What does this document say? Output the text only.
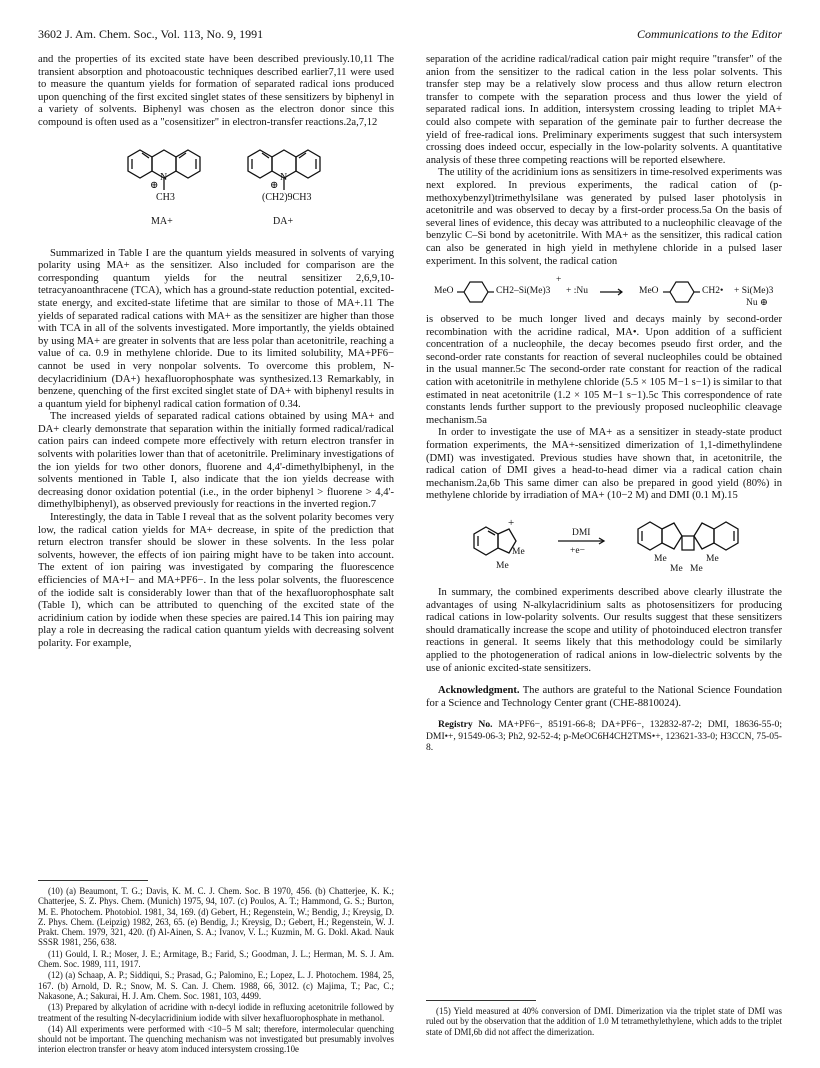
3602 J. Am. Chem. Soc., Vol. 113, No. 9, 1991	Communications to the Editor

and the properties of its excited state have been described previously.10,11 The transient absorption and photoacoustic techniques described earlier7,11 were used to measure the quantum yields for formation of separated radical ions produced upon quenching of the first excited singlet states of these sensitizers by biphenyl in a variety of solvents. Biphenyl was chosen as the electron donor since this compound is often used as a "cosensitizer" in electron-transfer reactions.2a,7,12

N
⊕
CH3
MA+
N
⊕
(CH2)9CH3
DA+

Summarized in Table I are the quantum yields measured in solvents of varying polarity using MA+ as the sensitizer. Also included for comparison are the corresponding quantum yields for the neutral sensitizer 2,6,9,10-tetracyanoanthracene (TCA), which has a ground-state reduction potential, excited-state energy, and excited-state lifetime that are similar to those of MA+.11 The yields of separated radical cations with MA+ as the sensitizer are higher than those with TCA in all of the solvents investigated. More importantly, the yields obtained by using MA+ are greater in solvents that are less polar than acetonitrile, reaching a value of ca. 0.9 in methylene chloride. Due to its limited solubility, MA+PF6− cannot be used in very nonpolar solvents. To overcome this problem, N-decylacridinium (DA+) hexafluorophosphate was synthesized.13 Remarkably, in benzene, quenching of the first excited singlet state of DA+ with biphenyl results in a quantum yield for biphenyl radical cation formation of 0.34.

The increased yields of separated radical cations obtained by using MA+ and DA+ clearly demonstrate that separation within the initially formed radical/radical cation pairs can indeed compete more effectively with return electron transfer in solvents with polarities lower than that of acetonitrile. Preliminary investigations of the ion yields for two other donors, fluorene and 4,4'-dimethylbiphenyl, in the solvents mentioned in Table I, also indicate that the ion yields decrease with decreasing donor oxidation potential (i.e., in the order biphenyl > fluorene > 4,4'-dimethylbiphenyl), as observed previously for reactions in the inverted region.7

Interestingly, the data in Table I reveal that as the solvent polarity becomes very low, the radical cation yields for MA+ decrease, in spite of the prediction that return electron transfer should be slower in these solvents. In the less polar solvents, however, the effects of ion pairing might have to be taken into account. The extent of ion pairing was investigated by comparing the fluorescence efficiencies of MA+I− and MA+PF6−. In the less polar solvents, the fluorescence of the iodide salt is considerably lower than that of the hexafluorophosphate salt (Table I), which can be attributed to quenching of the excited state of the acridinium cation by iodide when these species are paired.14 This ion pairing may play a role in decreasing the radical cation quantum yields with decreasing solvent polarity. For example,

(10) (a) Beaumont, T. G.; Davis, K. M. C. J. Chem. Soc. B 1970, 456. (b) Chatterjee, K. K.; Chatterjee, S. Z. Phys. Chem. (Munich) 1975, 94, 107. (c) Poulos, A. T.; Hammond, G. S.; Burton, M. E. Photochem. Photobiol. 1981, 34, 169. (d) Gebert, H.; Regenstein, W.; Bendig, J.; Kreysig, D. Z. Phys. Chem. (Leipzig) 1982, 263, 65. (e) Bendig, J.; Kreysig, D.; Gebert, H.; Regenstein, W. J. Prakt. Chem. 1979, 321, 420. (f) Al-Ainen, S. A.; Ivanov, V. L.; Kuzmin, M. G. Dokl. Akad. Nauk SSSR 1981, 256, 638.

(11) Gould, I. R.; Moser, J. E.; Armitage, B.; Farid, S.; Goodman, J. L.; Herman, M. S. J. Am. Chem. Soc. 1989, 111, 1917.

(12) (a) Schaap, A. P.; Siddiqui, S.; Prasad, G.; Palomino, E.; Lopez, L. J. Photochem. 1984, 25, 167. (b) Arnold, D. R.; Snow, M. S. Can. J. Chem. 1988, 66, 3012. (c) Majima, T.; Pac, C.; Nakasone, A.; Sakurai, H. J. Am. Chem. Soc. 1981, 103, 4499.

(13) Prepared by alkylation of acridine with n-decyl iodide in refluxing acetonitrile followed by treatment of the resulting N-decylacridinium iodide with silver hexafluorophosphate in methanol.

(14) All experiments were performed with <10−5 M salt; therefore, intermolecular quenching should not be important. The quenching mechanism was not investigated but presumably involves interion electron transfer or heavy atom induced intersystem crossing.10e

separation of the acridine radical/radical cation pair might require "transfer" of the anion from the sensitizer to the radical cation in the less polar solvents. This transfer step may be a relatively slow process and thus allow return electron transfer to compete with the separation process and thus lower the yield of separated radical ions. In addition, intersystem crossing leading to triplet MA+ could also compete with separation of the geminate pair to further decrease the yield of free-radical ions. Preliminary experiments suggest that such intersystem crossing does indeed occur, especially in the low-polarity solvents. A quantitative analysis of these three competing reactions will be reported elsewhere.

The utility of the acridinium ions as sensitizers in time-resolved experiments was next explored. In previous experiments, the radical cation of (p-methoxybenzyl)trimethylsilane was generated by pulsed laser photolysis in acetonitrile and was observed to decay by a first-order process.5a On the basis of several lines of evidence, this decay was attributed to a nucleophilic cleavage of the benzylic C–Si bond by acetonitrile. With MA+ as the sensitizer, this radical cation can also be generated in high yield in methylene chloride in a pulsed laser experiment. In this solvent, the radical cation

MeO	CH2–Si(Me)3
+
+ :Nu	MeO	CH2• + Si(Me)3
Nu ⊕

is observed to be much longer lived and decays mainly by second-order recombination with the acridine radical, MA•. Upon addition of a sufficient concentration of a nucleophile, the decay becomes pseudo first order, and the second-order rate constants for reaction of several nucleophiles could be obtained in the usual manner.5c The second-order rate constant for reaction of the radical cation with acetonitrile in methylene chloride (5.5 × 105 M−1 s−1) is similar to that estimated in neat acetonitrile (1.2 × 105 M−1 s−1).5c This correspondence of rate constants lends further support to the previously proposed nucleophilic cleavage mechanism.5a

In order to investigate the use of MA+ as a sensitizer in steady-state product formation experiments, the MA+-sensitized dimerization of 1,1-dimethylindene (DMI) was investigated. Previous studies have shown that, in acetonitrile, the radical cation of DMI gives a head-to-head dimer via a radical cation chain mechanism.2a,6b This same dimer can also be prepared in good yield (80%) in methylene chloride by irradiation of MA+ (10−2 M) and DMI (0.1 M).15

+
Me
Me
DMI
+e−
Me
Me Me
Me

In summary, the combined experiments described above clearly illustrate the advantages of using N-alkylacridinium salts as photosensitizers for producing radical cations in low-polarity solvents. Our results suggest that these sensitizers should dramatically increase the scope and utility of photoinduced electron transfer reactions in general. It seems likely that this methodology could be similarly applied to the photogeneration of radical anions in low-dielectric solvents by the use of anionic excited-state sensitizers.

Acknowledgment. The authors are grateful to the National Science Foundation for a Science and Technology Center grant (CHE-8810024).

Registry No. MA+PF6−, 85191-66-8; DA+PF6−, 132832-87-2; DMI, 18636-55-0; DMI•+, 91549-06-3; Ph2, 92-52-4; p-MeOC6H4CH2TMS•+, 123621-33-0; H3CCN, 75-05-8.

(15) Yield measured at 40% conversion of DMI. Dimerization via the triplet state of DMI was ruled out by the observation that the addition of 1.0 M tetramethylethylene, which adds to the triplet state of DMI,6b did not affect the dimerization.
